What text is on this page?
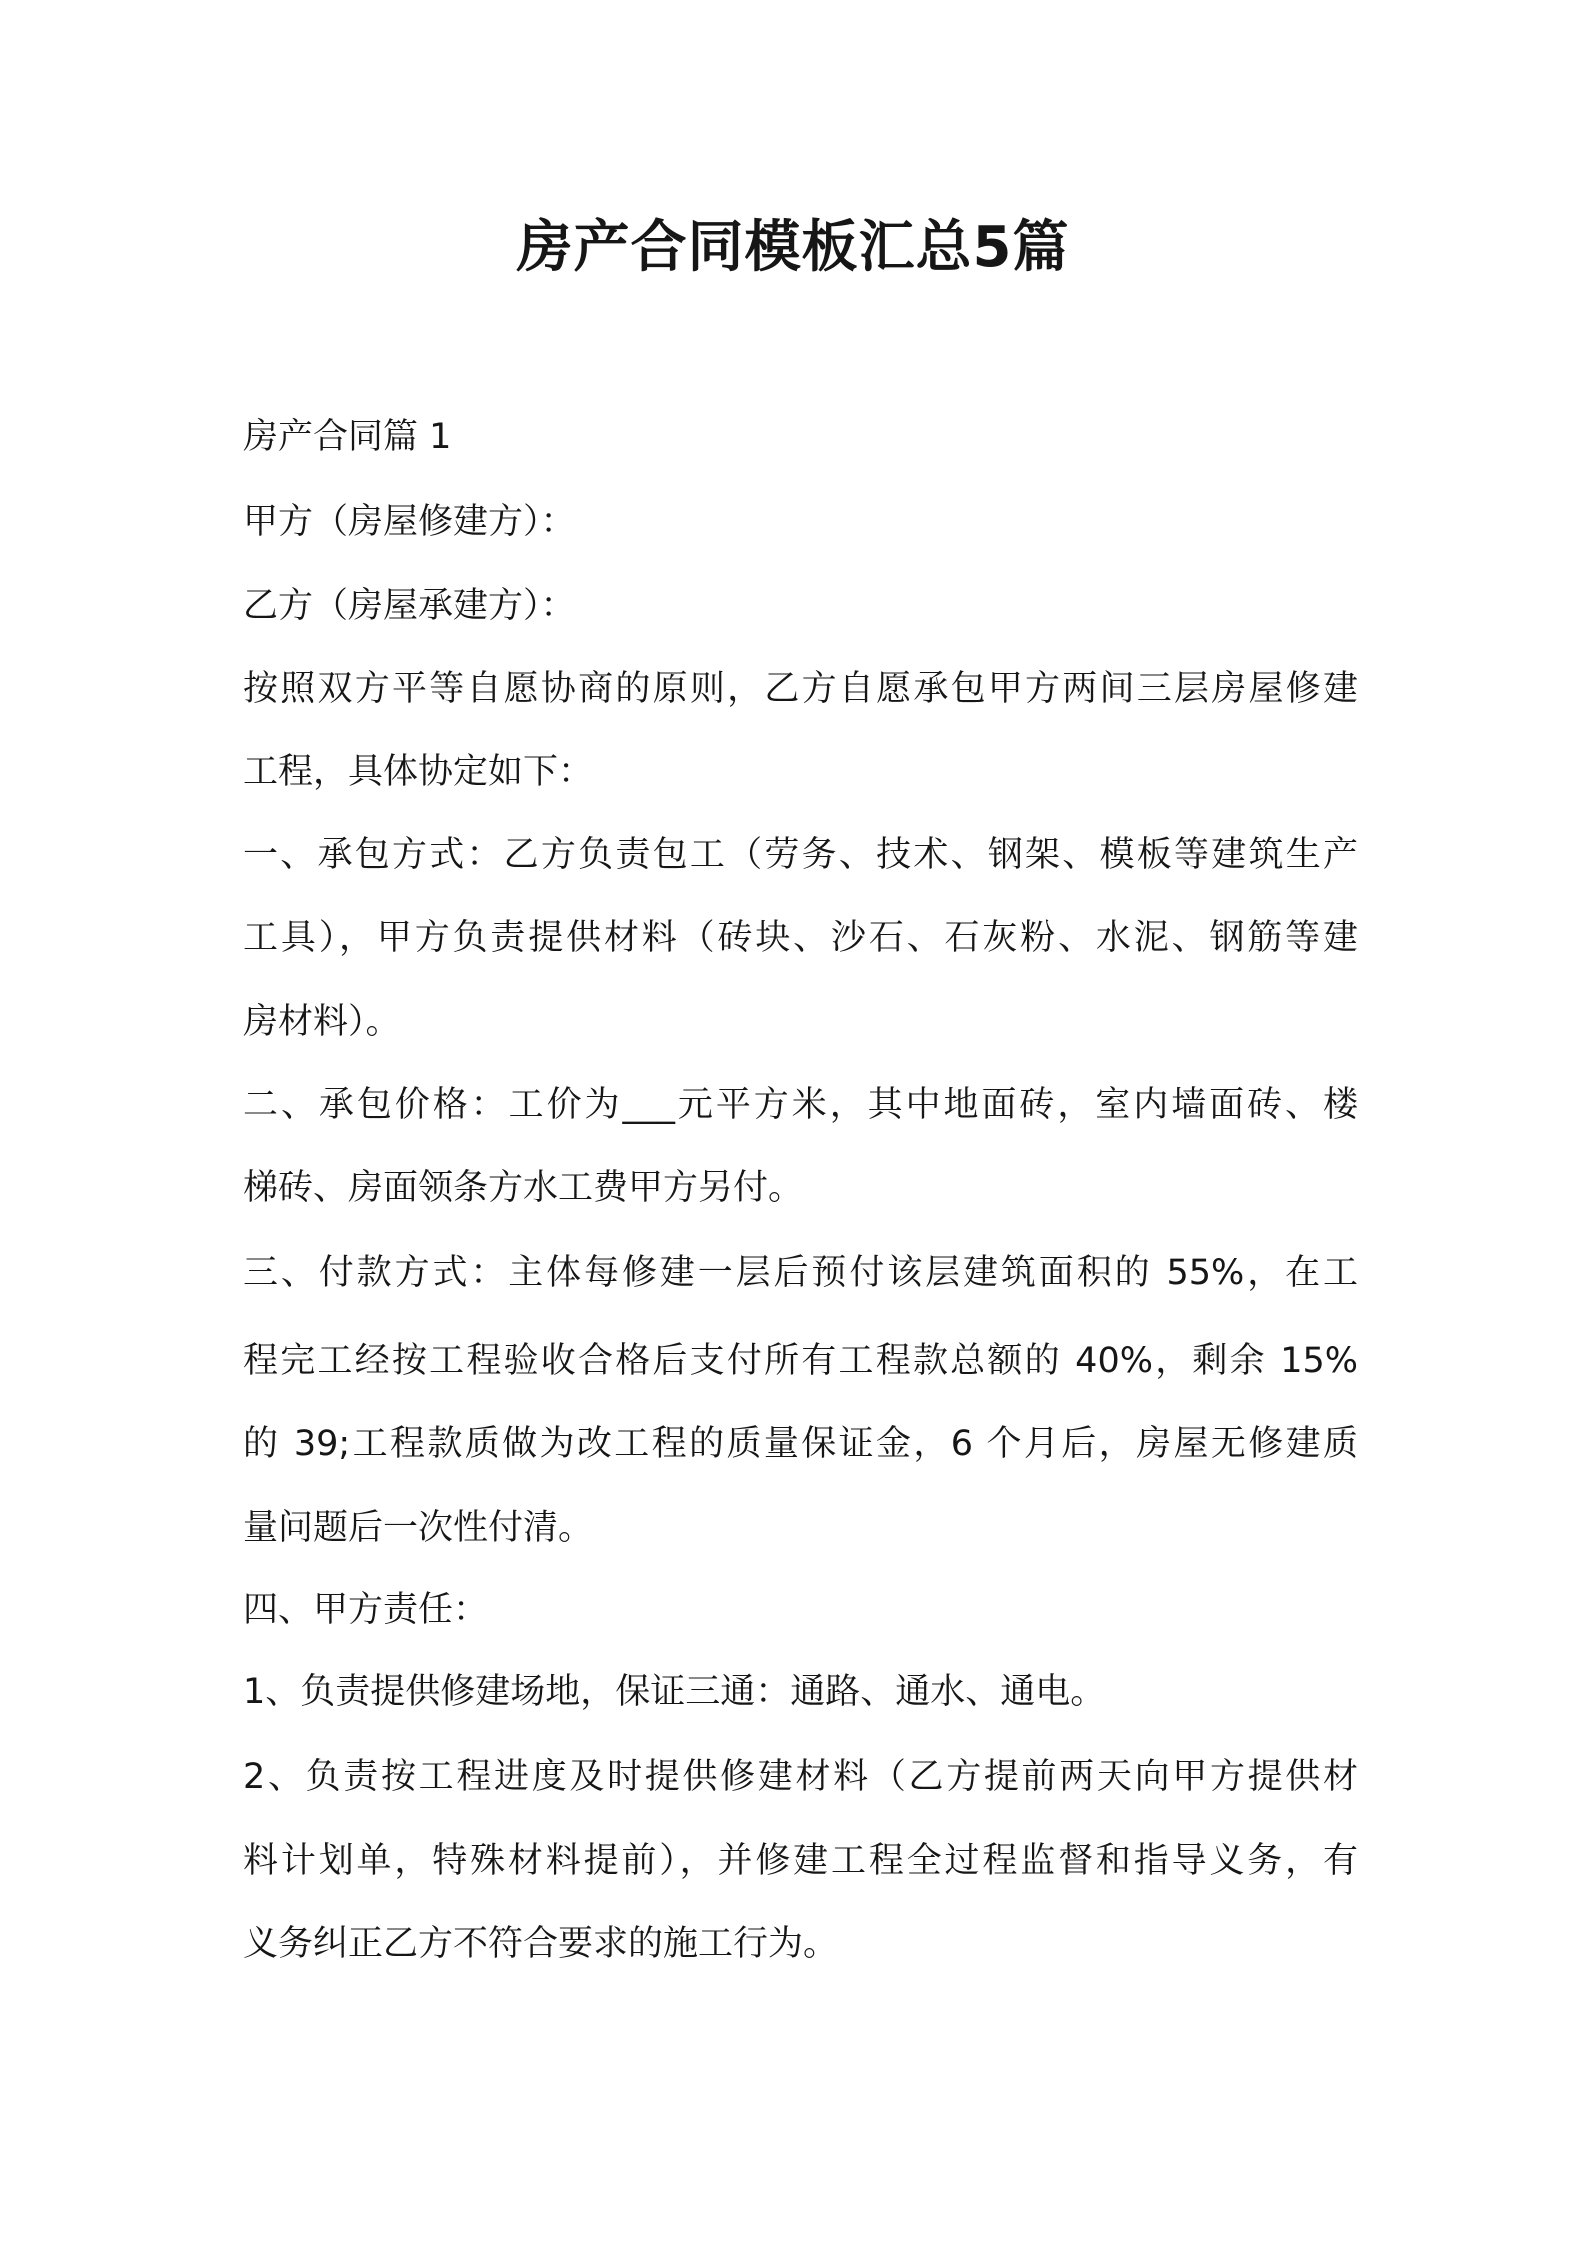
房产合同模板汇总5篇

房产合同篇 1

甲方（房屋修建方）：

乙方（房屋承建方）：

按照双方平等自愿协商的原则，乙方自愿承包甲方两间三层房屋修建

工程，具体协定如下：

一、承包方式：乙方负责包工（劳务、技术、钢架、模板等建筑生产

工具），甲方负责提供材料（砖块、沙石、石灰粉、水泥、钢筋等建

房材料）。

二、承包价格：工价为___元平方米，其中地面砖，室内墙面砖、楼

梯砖、房面领条方水工费甲方另付。

三、付款方式：主体每修建一层后预付该层建筑面积的 55%，在工

程完工经按工程验收合格后支付所有工程款总额的 40%，剩余 15%

的 39;工程款质做为改工程的质量保证金，6 个月后，房屋无修建质

量问题后一次性付清。

四、甲方责任：

1、负责提供修建场地，保证三通：通路、通水、通电。

2、负责按工程进度及时提供修建材料（乙方提前两天向甲方提供材

料计划单，特殊材料提前），并修建工程全过程监督和指导义务，有

义务纠正乙方不符合要求的施工行为。
